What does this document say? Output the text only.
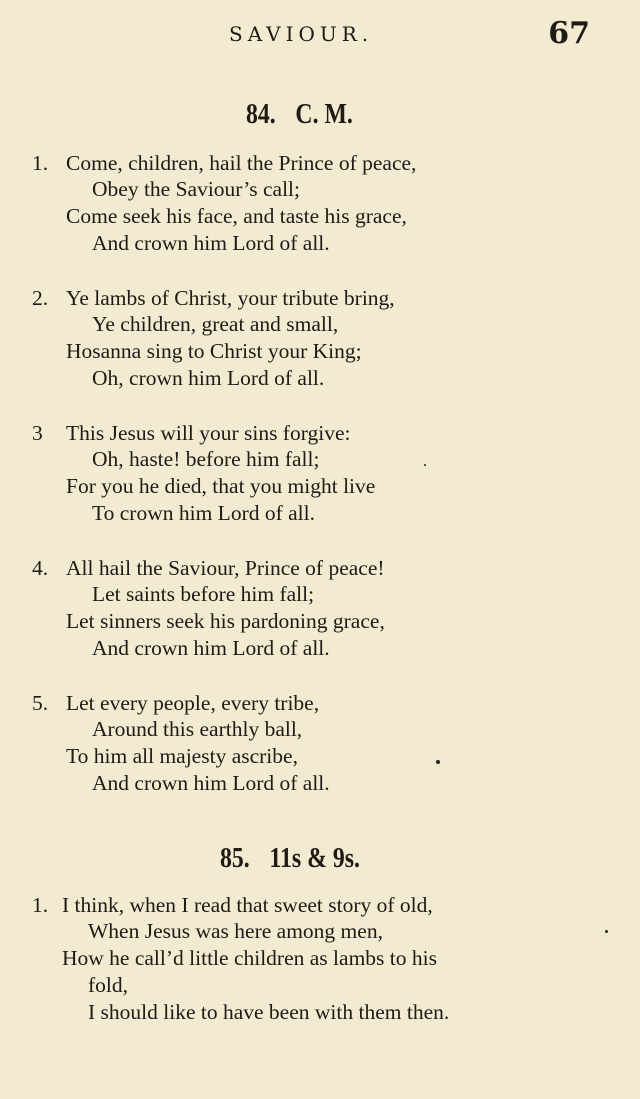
SAVIOUR.	67
84. C. M.
1. Come, children, hail the Prince of peace,
Obey the Saviour’s call;
Come seek his face, and taste his grace,
And crown him Lord of all.
2. Ye lambs of Christ, your tribute bring,
Ye children, great and small,
Hosanna sing to Christ your King;
Oh, crown him Lord of all.
3 This Jesus will your sins forgive:
Oh, haste! before him fall;
For you he died, that you might live
To crown him Lord of all.
4. All hail the Saviour, Prince of peace!
Let saints before him fall;
Let sinners seek his pardoning grace,
And crown him Lord of all.
5. Let every people, every tribe,
Around this earthly ball,
To him all majesty ascribe,
And crown him Lord of all.
85. 11s & 9s.
1. I think, when I read that sweet story of old,
When Jesus was here among men,
How he call’d little children as lambs to his
fold,
I should like to have been with them then.
